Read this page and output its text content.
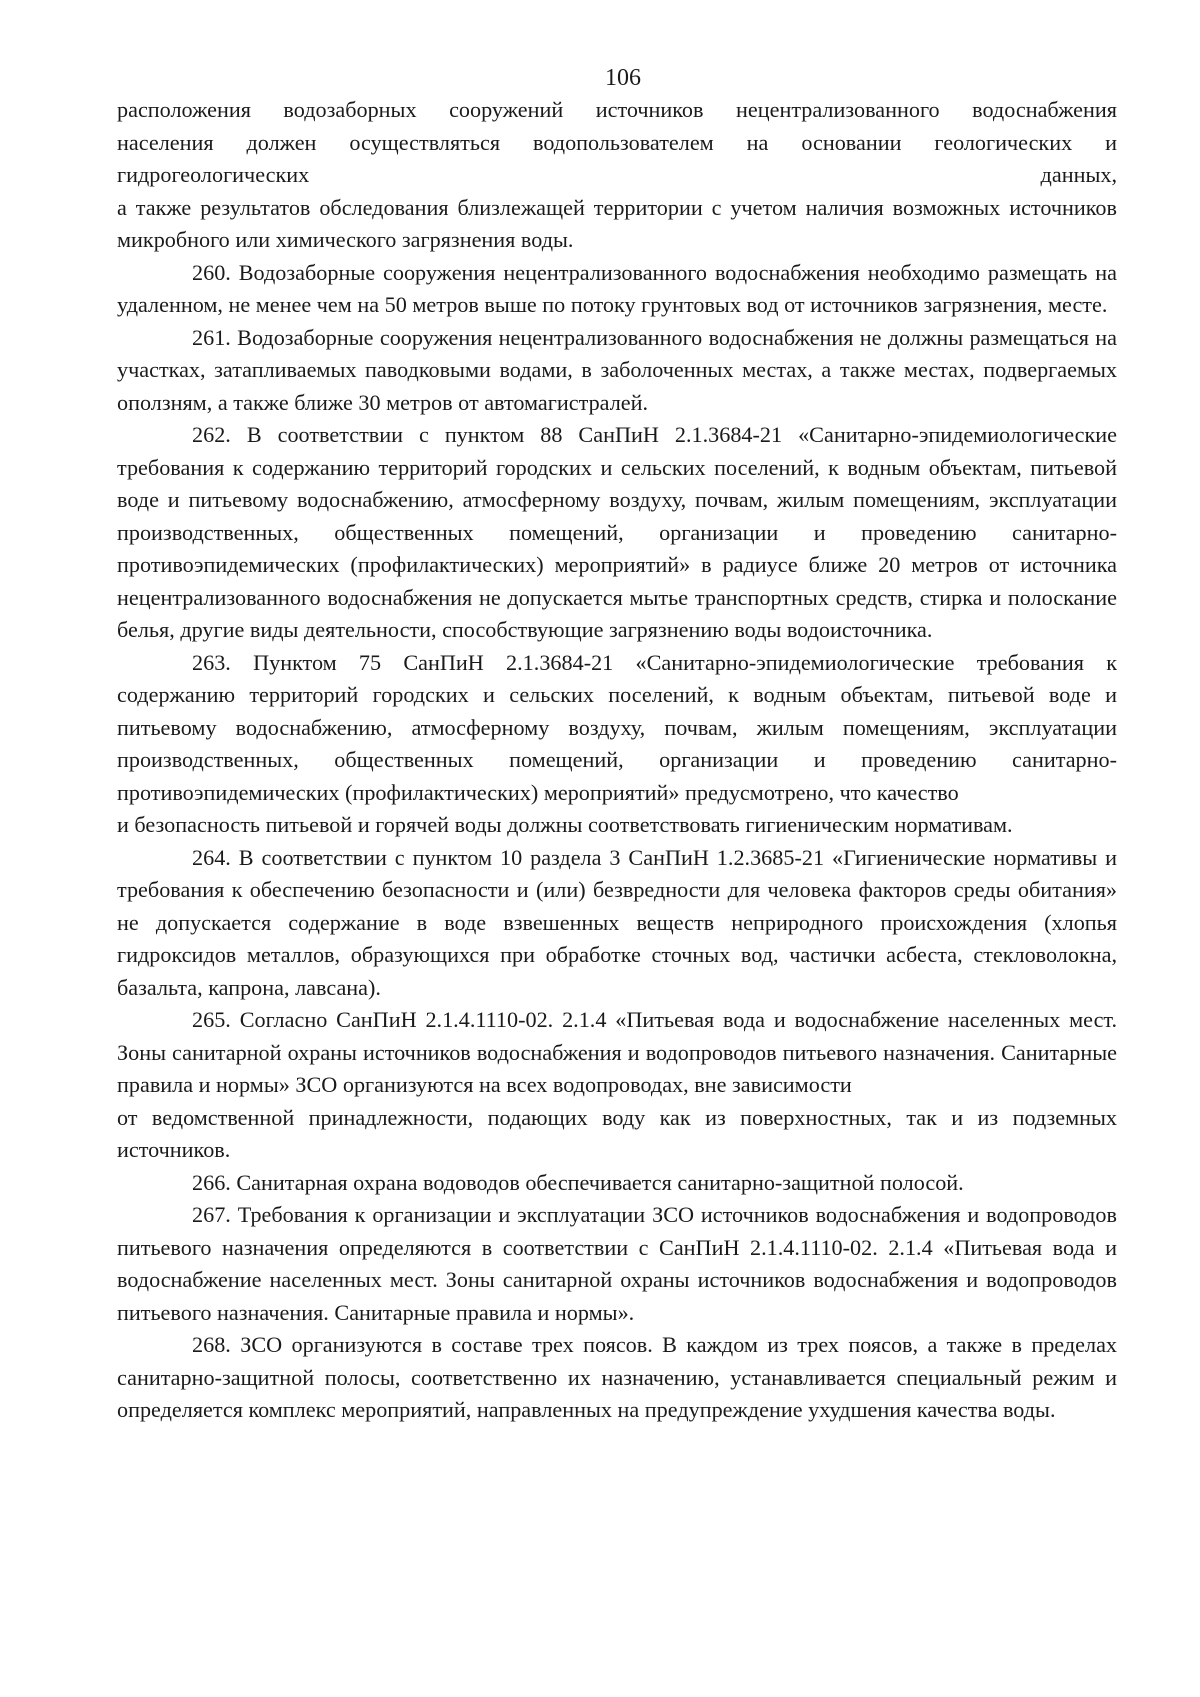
106

расположения водозаборных сооружений источников нецентрализованного водоснабжения

населения должен осуществляться водопользователем на основании геологических и

гидрогеологических данных,

а также результатов обследования близлежащей территории с учетом наличия возможных источников микробного или химического загрязнения воды.

260. Водозаборные сооружения нецентрализованного водоснабжения необходимо размещать на удаленном, не менее чем на 50 метров выше по потоку грунтовых вод от источников загрязнения, месте.

261. Водозаборные сооружения нецентрализованного водоснабжения не должны размещаться на участках, затапливаемых паводковыми водами, в заболоченных местах, а также местах, подвергаемых оползням, а также ближе 30 метров от автомагистралей.

262. В соответствии с пунктом 88 СанПиН 2.1.3684-21 «Санитарно-эпидемиологические требования к содержанию территорий городских и сельских поселений, к водным объектам, питьевой воде и питьевому водоснабжению, атмосферному воздуху, почвам, жилым помещениям, эксплуатации производственных, общественных помещений, организации и проведению санитарно-противоэпидемических (профилактических) мероприятий» в радиусе ближе 20 метров от источника нецентрализованного водоснабжения не допускается мытье транспортных средств, стирка и полоскание белья, другие виды деятельности, способствующие загрязнению воды водоисточника.

263. Пунктом 75 СанПиН 2.1.3684-21 «Санитарно-эпидемиологические требования к содержанию территорий городских и сельских поселений, к водным объектам, питьевой воде и питьевому водоснабжению, атмосферному воздуху, почвам, жилым помещениям, эксплуатации производственных, общественных помещений, организации и проведению санитарно-противоэпидемических (профилактических) мероприятий» предусмотрено, что качество

и безопасность питьевой и горячей воды должны соответствовать гигиеническим нормативам.

264. В соответствии с пунктом 10 раздела 3 СанПиН 1.2.3685-21 «Гигиенические нормативы и требования к обеспечению безопасности и (или) безвредности для человека факторов среды обитания» не допускается содержание в воде взвешенных веществ неприродного происхождения (хлопья гидроксидов металлов, образующихся при обработке сточных вод, частички асбеста, стекловолокна, базальта, капрона, лавсана).

265. Согласно СанПиН 2.1.4.1110-02. 2.1.4 «Питьевая вода и водоснабжение населенных мест. Зоны санитарной охраны источников водоснабжения и водопроводов питьевого назначения. Санитарные правила и нормы» ЗСО организуются на всех водопроводах, вне зависимости

от ведомственной принадлежности, подающих воду как из поверхностных, так и из подземных источников.

266. Санитарная охрана водоводов обеспечивается санитарно-защитной полосой.

267. Требования к организации и эксплуатации ЗСО источников водоснабжения и водопроводов питьевого назначения определяются в соответствии с СанПиН 2.1.4.1110-02. 2.1.4 «Питьевая вода и водоснабжение населенных мест. Зоны санитарной охраны источников водоснабжения и водопроводов питьевого назначения. Санитарные правила и нормы».

268. ЗСО организуются в составе трех поясов. В каждом из трех поясов, а также в пределах санитарно-защитной полосы, соответственно их назначению, устанавливается специальный режим и определяется комплекс мероприятий, направленных на предупреждение ухудшения качества воды.
